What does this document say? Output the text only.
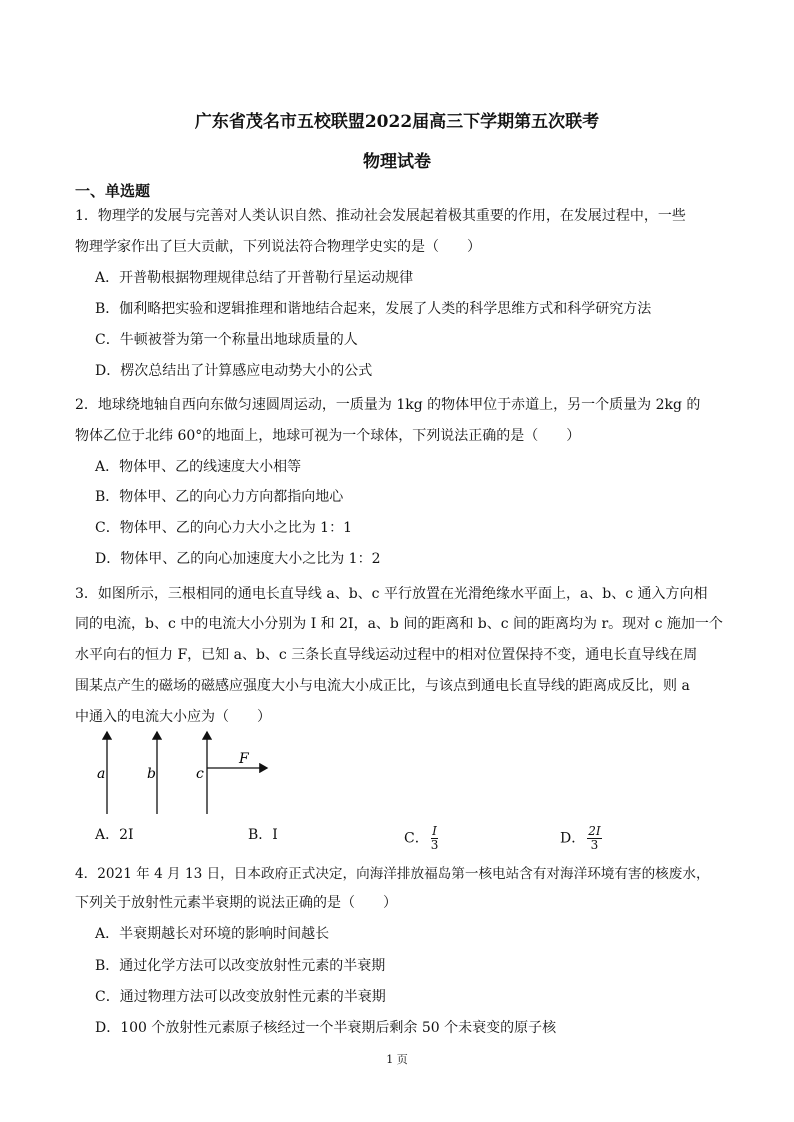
广东省茂名市五校联盟2022届高三下学期第五次联考
物理试卷
一、单选题
1．物理学的发展与完善对人类认识自然、推动社会发展起着极其重要的作用，在发展过程中，一些
物理学家作出了巨大贡献，下列说法符合物理学史实的是（　　）
A．开普勒根据物理规律总结了开普勒行星运动规律
B．伽利略把实验和逻辑推理和谐地结合起来，发展了人类的科学思维方式和科学研究方法
C．牛顿被誉为第一个称量出地球质量的人
D．楞次总结出了计算感应电动势大小的公式
2．地球绕地轴自西向东做匀速圆周运动，一质量为 1kg 的物体甲位于赤道上，另一个质量为 2kg 的
物体乙位于北纬 60°的地面上，地球可视为一个球体，下列说法正确的是（　　）
A．物体甲、乙的线速度大小相等
B．物体甲、乙的向心力方向都指向地心
C．物体甲、乙的向心力大小之比为 1：1
D．物体甲、乙的向心加速度大小之比为 1：2
3．如图所示，三根相同的通电长直导线 a、b、c 平行放置在光滑绝缘水平面上，a、b、c 通入方向相
同的电流，b、c 中的电流大小分别为 I 和 2I，a、b 间的距离和 b、c 间的距离均为 r。现对 c 施加一个
水平向右的恒力 F，已知 a、b、c 三条长直导线运动过程中的相对位置保持不变，通电长直导线在周
围某点产生的磁场的磁感应强度大小与电流大小成正比，与该点到通电长直导线的距离成反比，则 a
中通入的电流大小应为（　　）
a	b	c
F
A．2I	B．I	C． $\frac{I}{3}$	D． $\frac{2I}{3}$
4．2021 年 4 月 13 日，日本政府正式决定，向海洋排放福岛第一核电站含有对海洋环境有害的核废水，
下列关于放射性元素半衰期的说法正确的是（　　）
A．半衰期越长对环境的影响时间越长
B．通过化学方法可以改变放射性元素的半衰期
C．通过物理方法可以改变放射性元素的半衰期
D．100 个放射性元素原子核经过一个半衰期后剩余 50 个未衰变的原子核
1 页
